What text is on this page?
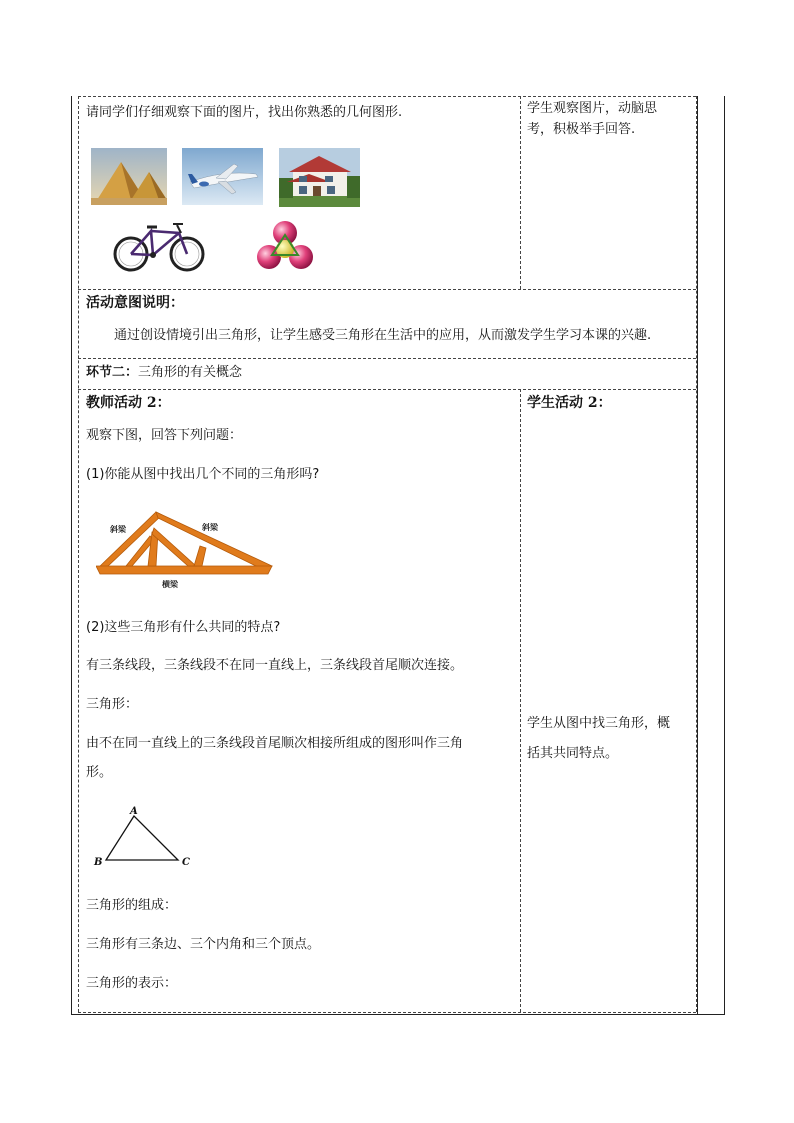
请同学们仔细观察下面的图片，找出你熟悉的几何图形.	学生观察图片，动脑思
考，积极举手回答.
活动意图说明：
通过创设情境引出三角形，让学生感受三角形在生活中的应用，从而激发学生学习本课的兴趣.
环节二：三角形的有关概念
教师活动 2：
观察下图，回答下列问题：
(1)你能从图中找出几个不同的三角形吗?
斜梁	斜梁
横梁
(2)这些三角形有什么共同的特点?
有三条线段，三条线段不在同一直线上，三条线段首尾顺次连接。
三角形：
由不在同一直线上的三条线段首尾顺次相接所组成的图形叫作三角
形。
A
B	C
三角形的组成：
三角形有三条边、三个内角和三个顶点。
三角形的表示：
学生活动 2：
学生从图中找三角形，概
括其共同特点。
